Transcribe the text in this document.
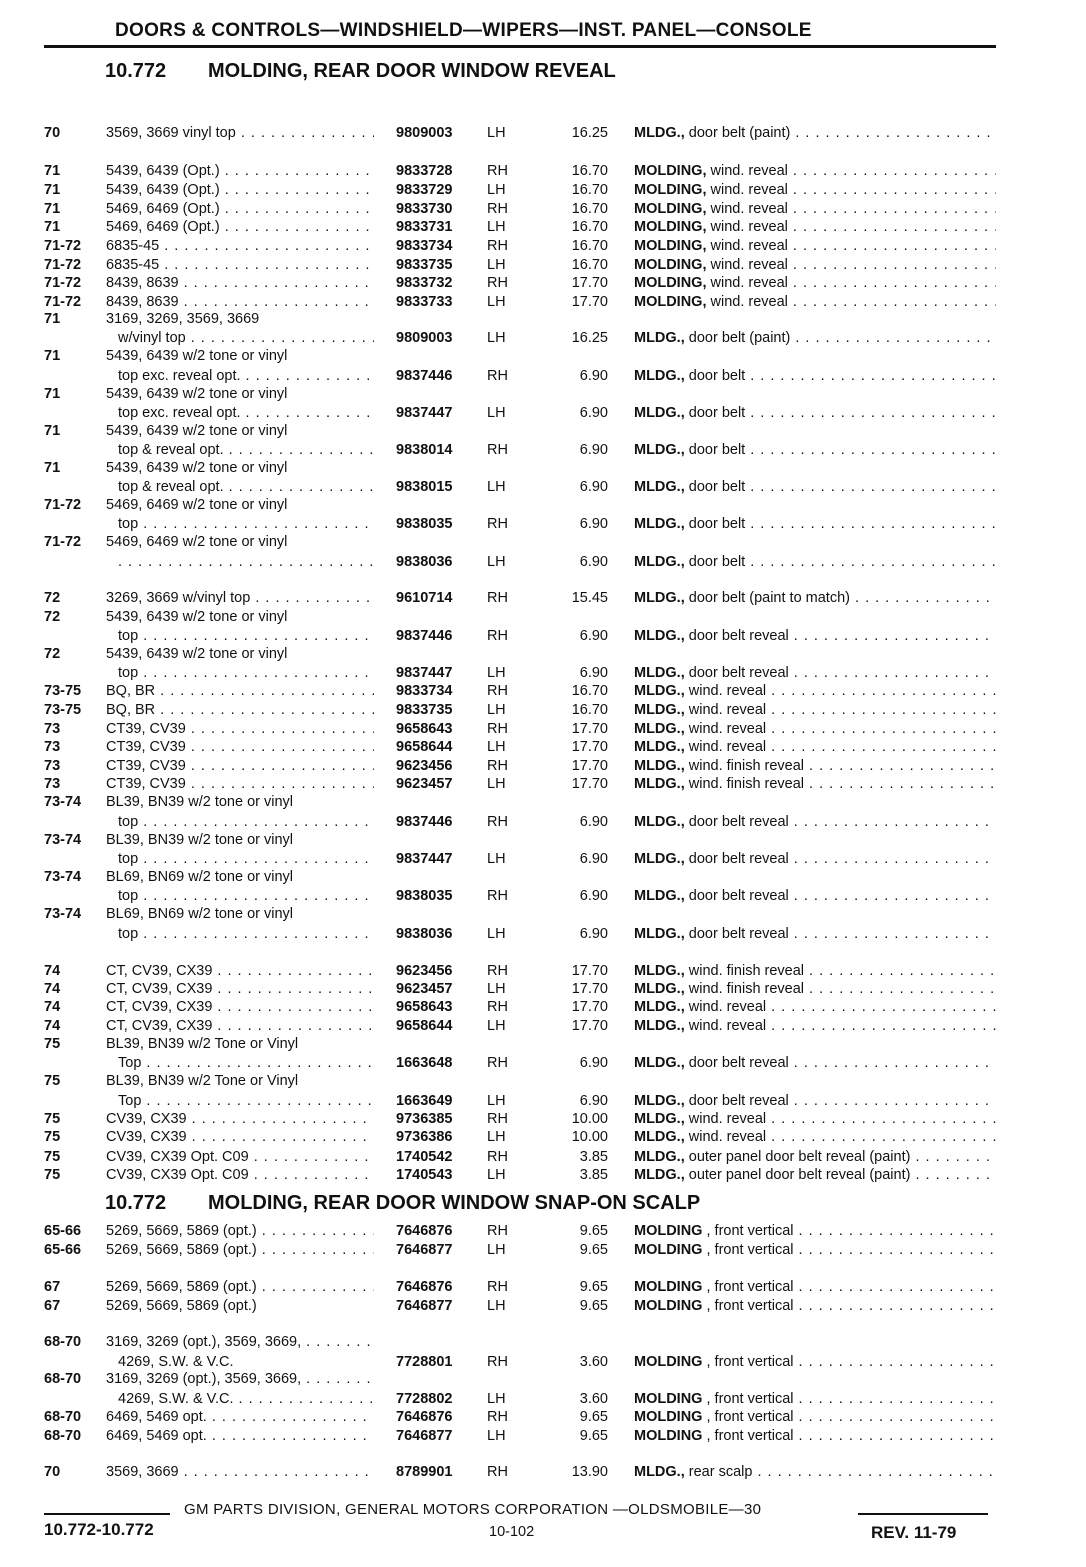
DOORS & CONTROLS—WINDSHIELD—WIPERS—INST. PANEL—CONSOLE
10.772 MOLDING, REAR DOOR WINDOW REVEAL
10.772 MOLDING, REAR DOOR WINDOW SNAP-ON SCALP
70	3569, 3669 vinyl top . . .	9809003 LH	16.25 MLDG., door belt (paint) . . .
71	5439, 6439 (Opt.) . . .	9833728 RH	16.70 MOLDING, wind. reveal . . .
71	5439, 6439 (Opt.) . . .	9833729 LH	16.70 MOLDING, wind. reveal . . .
71	5469, 6469 (Opt.) . . .	9833730 RH	16.70 MOLDING, wind. reveal . . .
71	5469, 6469 (Opt.) . . .	9833731 LH	16.70 MOLDING, wind. reveal . . .
71-72 6835-45 . . .	9833734 RH	16.70 MOLDING, wind. reveal . . .
71-72 6835-45 . . .	9833735 LH	16.70 MOLDING, wind. reveal . . .
71-72 8439, 8639 . . .	9833732 RH	17.70 MOLDING, wind. reveal . . .
71-72 8439, 8639 . . .	9833733 LH	17.70 MOLDING, wind. reveal . . .
71	3169, 3269, 3569, 3669
w/vinyl top . . .	9809003 LH	16.25 MLDG., door belt (paint) . . .
71	5439, 6439 w/2 tone or vinyl
top exc. reveal opt. . . .	9837446 RH	6.90 MLDG., door belt . . .
71	5439, 6439 w/2 tone or vinyl
top exc. reveal opt. . . .	9837447 LH	6.90 MLDG., door belt . . .
71	5439, 6439 w/2 tone or vinyl
top & reveal opt. . . .	9838014 RH	6.90 MLDG., door belt . . .
71	5439, 6439 w/2 tone or vinyl
top & reveal opt. . . .	9838015 LH	6.90 MLDG., door belt . . .
71-72 5469, 6469 w/2 tone or vinyl
top . . .	9838035 RH	6.90 MLDG., door belt . . .
71-72 5469, 6469 w/2 tone or vinyl
. . .
9838036 LH	6.90 MLDG., door belt . . .
72	3269, 3669 w/vinyl top . . .	9610714 RH	15.45 MLDG., door belt (paint to match) . . .
72	5439, 6439 w/2 tone or vinyl
top . . .	9837446 RH	6.90 MLDG., door belt reveal . . .
72	5439, 6439 w/2 tone or vinyl
top . . .	9837447 LH	6.90 MLDG., door belt reveal . . .
73-75 BQ, BR . . .	9833734 RH	16.70 MLDG., wind. reveal . . .
73-75 BQ, BR . . .	9833735 LH	16.70 MLDG., wind. reveal . . .
73	CT39, CV39 . . .	9658643 RH	17.70 MLDG., wind. reveal . . .
73	CT39, CV39 . . .	9658644 LH	17.70 MLDG., wind. reveal . . .
73	CT39, CV39 . . .	9623456 RH	17.70 MLDG., wind. finish reveal . . .
73	CT39, CV39 . . .	9623457 LH	17.70 MLDG., wind. finish reveal . . .
73-74 BL39, BN39 w/2 tone or vinyl
top . . .	9837446 RH	6.90 MLDG., door belt reveal . . .
73-74 BL39, BN39 w/2 tone or vinyl
top . . .	9837447 LH	6.90 MLDG., door belt reveal . . .
73-74 BL69, BN69 w/2 tone or vinyl
top . . .	9838035 RH	6.90 MLDG., door belt reveal . . .
73-74 BL69, BN69 w/2 tone or vinyl
top . . .	9838036 LH	6.90 MLDG., door belt reveal . . .
74	CT, CV39, CX39 . . .	9623456 RH	17.70 MLDG., wind. finish reveal . . .
74	CT, CV39, CX39 . . .	9623457 LH	17.70 MLDG., wind. finish reveal . . .
74	CT, CV39, CX39 . . .	9658643 RH	17.70 MLDG., wind. reveal . . .
74	CT, CV39, CX39 . . .	9658644 LH	17.70 MLDG., wind. reveal . . .
75	BL39, BN39 w/2 Tone or Vinyl
Top . . .	1663648 RH	6.90 MLDG., door belt reveal . . .
75	BL39, BN39 w/2 Tone or Vinyl
Top . . .	1663649 LH	6.90 MLDG., door belt reveal . . .
75	CV39, CX39 . . .	9736385 RH	10.00 MLDG., wind. reveal . . .
75	CV39, CX39 . . .	9736386 LH	10.00 MLDG., wind. reveal . . .
75	CV39, CX39 Opt. C09 . . .	1740542 RH	3.85 MLDG., outer panel door belt reveal (paint) . . .
75	CV39, CX39 Opt. C09 . . .	1740543 LH	3.85 MLDG., outer panel door belt reveal (paint) . . .
65-66 5269, 5669, 5869 (opt.) . . .	7646876 RH	9.65 MOLDING , front vertical . . .
65-66 5269, 5669, 5869 (opt.) . . .	7646877 LH	9.65 MOLDING , front vertical . . .
67	5269, 5669, 5869 (opt.) . . .	7646876 RH	9.65 MOLDING , front vertical . . .
67	5269, 5669, 5869 (opt.)	7646877 LH	9.65 MOLDING , front vertical . . .
68-70 3169, 3269 (opt.), 3569, 3669, . . .
4269, S.W. & V.C.	7728801 RH	3.60 MOLDING , front vertical . . .
68-70 3169, 3269 (opt.), 3569, 3669, . . .
4269, S.W. & V.C. . . .	7728802 LH	3.60 MOLDING , front vertical . . .
68-70 6469, 5469 opt. . . .	7646876 RH	9.65 MOLDING , front vertical . . .
68-70 6469, 5469 opt. . . .	7646877 LH	9.65 MOLDING , front vertical . . .
70	3569, 3669 . . .	8789901 RH	13.90 MLDG., rear scalp . . .
GM PARTS DIVISION, GENERAL MOTORS CORPORATION —OLDSMOBILE—30
10.772-10.772	10-102	REV. 11-79
